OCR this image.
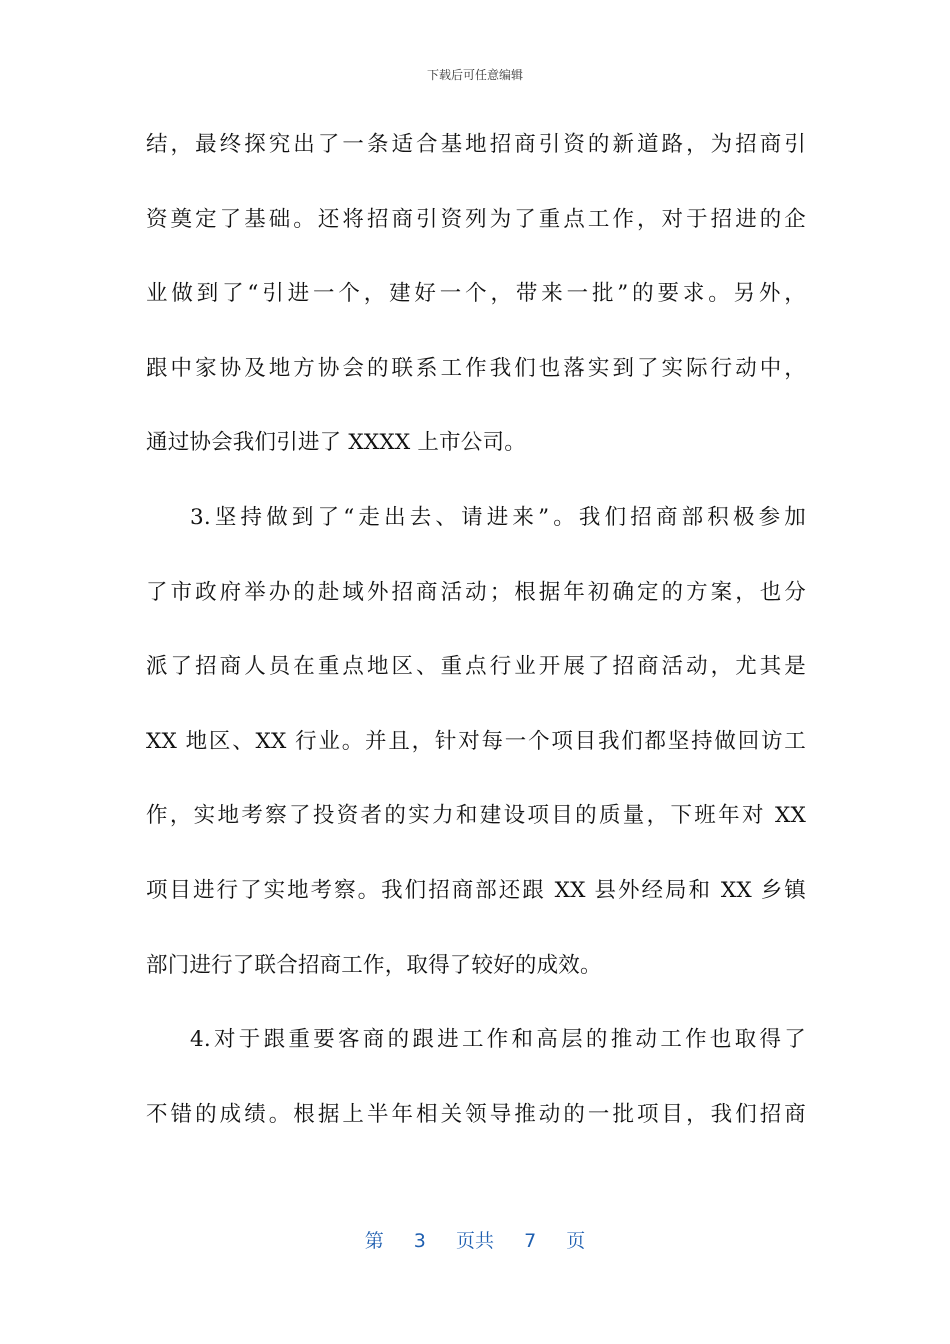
下载后可任意编辑
结，最终探究出了一条适合基地招商引资的新道路，为招商引
资奠定了基础。还将招商引资列为了重点工作，对于招进的企
业做到了“引进一个，建好一个，带来一批”的要求。另外，
跟中家协及地方协会的联系工作我们也落实到了实际行动中，
通过协会我们引进了 XXXX 上市公司。
3.坚持做到了“走出去、请进来”。我们招商部积极参加
了市政府举办的赴域外招商活动；根据年初确定的方案，也分
派了招商人员在重点地区、重点行业开展了招商活动，尤其是
XX 地区、XX 行业。并且，针对每一个项目我们都坚持做回访工
作，实地考察了投资者的实力和建设项目的质量，下班年对 XX
项目进行了实地考察。我们招商部还跟 XX 县外经局和 XX 乡镇
部门进行了联合招商工作，取得了较好的成效。
4.对于跟重要客商的跟进工作和高层的推动工作也取得了
不错的成绩。根据上半年相关领导推动的一批项目，我们招商
第 3 页共 7 页
